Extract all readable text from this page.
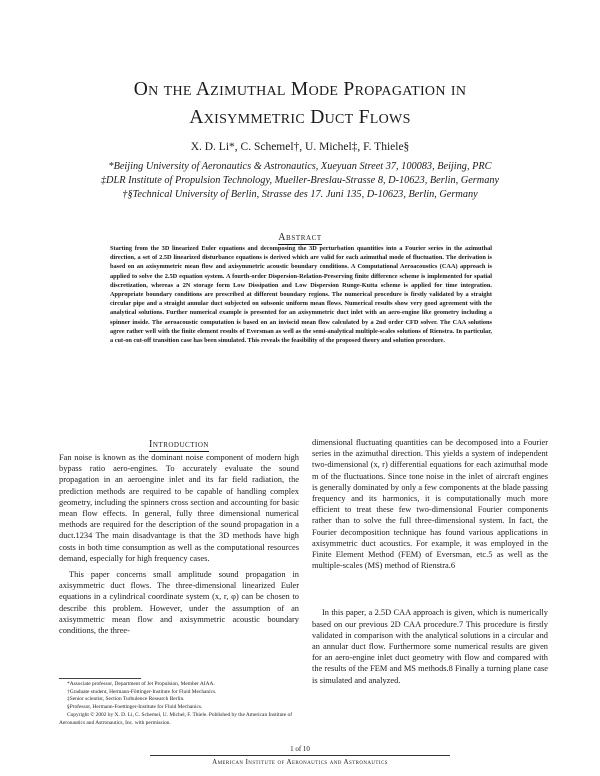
On the Azimuthal Mode Propagation in
Axisymmetric Duct Flows
X. D. Li*, C. Schemel†, U. Michel‡, F. Thiele§
*Beijing University of Aeronautics & Astronautics, Xueyuan Street 37, 100083, Beijing, PRC
‡DLR Institute of Propulsion Technology, Mueller-Breslau-Strasse 8, D-10623, Berlin, Germany
†§Technical University of Berlin, Strasse des 17. Juni 135, D-10623, Berlin, Germany
Abstract
Starting from the 3D linearized Euler equations and decomposing the 3D perturbation quantities into a Fourier series in the azimuthal direction, a set of 2.5D linearized disturbance equations is derived which are valid for each azimuthal mode of fluctuation. The derivation is based on an axisymmetric mean flow and axisymmetric acoustic boundary conditions. A Computational Aeroacoustics (CAA) approach is applied to solve the 2.5D equation system. A fourth-order Dispersion-Relation-Preserving finite difference scheme is implemented for spatial discretization, whereas a 2N storage form Low Dissipation and Low Dispersion Runge-Kutta scheme is applied for time integration. Appropriate boundary conditions are prescribed at different boundary regions. The numerical procedure is firstly validated by a straight circular pipe and a straight annular duct subjected on subsonic uniform mean flows. Numerical results show very good agreement with the analytical solutions. Further numerical example is presented for an axisymmetric duct inlet with an aero-engine like geometry including a spinner inside. The aeroacoustic computation is based on an inviscid mean flow calculated by a 2nd order CFD solver. The CAA solutions agree rather well with the finite element results of Eversman as well as the semi-analytical multiple-scales solutions of Rienstra. In particular, a cut-on cut-off transition case has been simulated. This reveals the feasibility of the proposed theory and solution procedure.
Introduction

Fan noise is known as the dominant noise component of modern high bypass ratio aero-engines. To accurately evaluate the sound propagation in an aeroengine inlet and its far field radiation, the prediction methods are required to be capable of handling complex geometry, including the spinners cross section and accounting for basic mean flow effects. In general, fully three dimensional numerical methods are required for the description of the sound propagation in a duct.1234 The main disadvantage is that the 3D methods have high costs in both time consumption as well as the computational resources demand, especially for high frequency cases.

This paper concerns small amplitude sound propagation in axisymmetric duct flows. The three-dimensional linearized Euler equations in a cylindrical coordinate system (x, r, φ) can be chosen to describe this problem. However, under the assumption of an axisymmetric mean flow and axisymmetric acoustic boundary conditions, the three-

dimensional fluctuating quantities can be decomposed into a Fourier series in the azimuthal direction. This yields a system of independent two-dimensional (x, r) differential equations for each azimuthal mode m of the fluctuations. Since tone noise in the inlet of aircraft engines is generally dominated by only a few components at the blade passing frequency and its harmonics, it is computationally much more efficient to treat these few two-dimensional Fourier components rather than to solve the full three-dimensional system. In fact, the Fourier decomposition technique has found various applications in axisymmetric duct acoustics. For example, it was employed in the Finite Element Method (FEM) of Eversman, etc.5 as well as the multiple-scales (MS) method of Rienstra.6

In this paper, a 2.5D CAA approach is given, which is numerically based on our previous 2D CAA procedure.7 This procedure is firstly validated in comparison with the analytical solutions in a circular and an annular duct flow. Furthermore some numerical results are given for an aero-engine inlet duct geometry with flow and compared with the results of the FEM and MS methods.8 Finally a turning plane case is simulated and analyzed.

*Associate professor, Department of Jet Propulsion, Member AIAA.
†Graduate student, Hermann-Föttinger-Institute for Fluid Mechanics.
‡Senior scientist, Section Turbulence Research Berlin.
§Professor, Hermann-Foettinger-Institute for Fluid Mechanics.
Copyright © 2002 by X. D. Li, C. Schemel, U. Michel, F. Thiele. Published by the American Institute of Aeronautics and Astronautics, Inc. with permission.
1 of 10
American Institute of Aeronautics and Astronautics
